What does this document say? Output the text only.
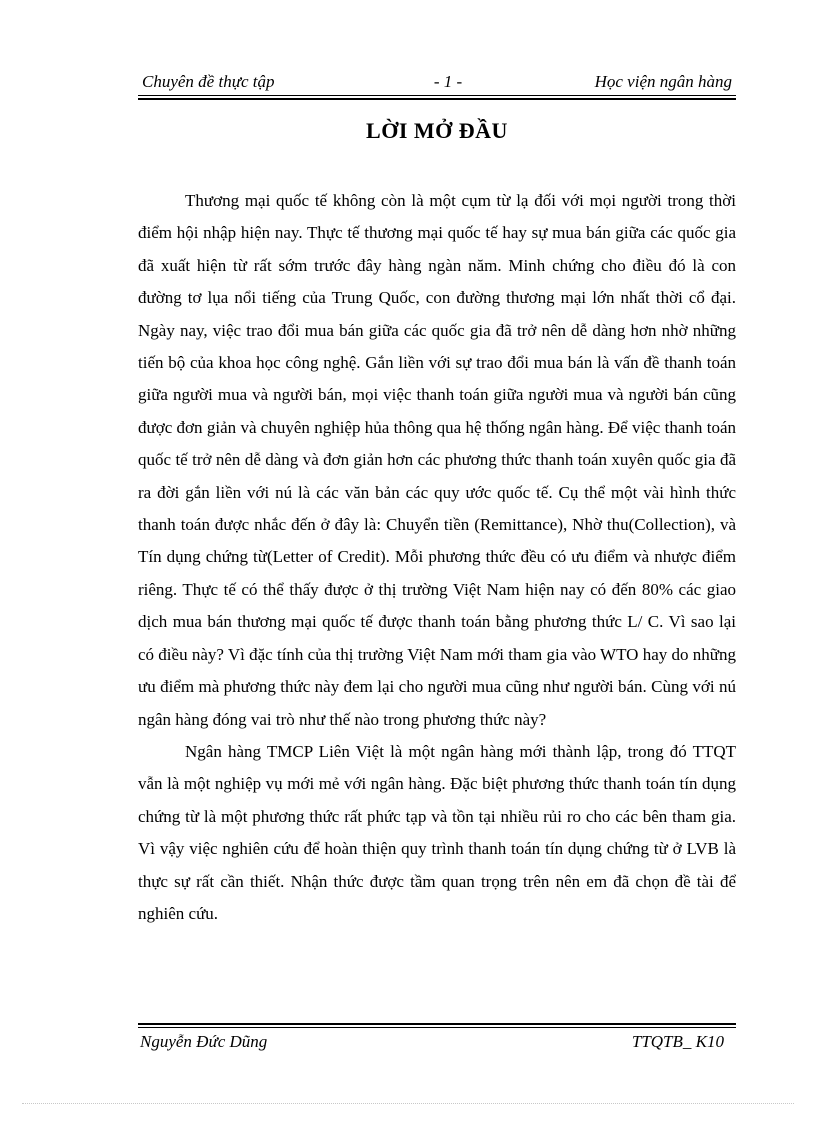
Chuyên đề thực tập	- 1 -	Học viện ngân hàng
LỜI MỞ ĐẦU

Thương mại quốc tế không còn là một cụm từ lạ đối với mọi người trong thời điểm hội nhập hiện nay. Thực tế thương mại quốc tế hay sự mua bán giữa các quốc gia đã xuất hiện từ rất sớm trước đây hàng ngàn năm. Minh chứng cho điều đó là con đường tơ lụa nổi tiếng của Trung Quốc, con đường thương mại lớn nhất thời cổ đại. Ngày nay, việc trao đổi mua bán giữa các quốc gia đã trở nên dễ dàng hơn nhờ những tiến bộ của khoa học công nghệ. Gắn liền với sự trao đổi mua bán là vấn đề thanh toán giữa người mua và người bán, mọi việc thanh toán giữa người mua và người bán cũng được đơn giản và chuyên nghiệp hủa thông qua hệ thống ngân hàng. Để việc thanh toán quốc tế trở nên dễ dàng và đơn giản hơn các phương thức thanh toán xuyên quốc gia đã ra đời gắn liền với nú là các văn bản các quy ước quốc tế. Cụ thể một vài hình thức thanh toán được nhắc đến ở đây là: Chuyển tiền (Remittance), Nhờ thu(Collection), và Tín dụng chứng từ(Letter of Credit). Mỗi phương thức đều có ưu điểm và nhược điểm riêng. Thực tế có thể thấy được ở thị trường Việt Nam hiện nay có đến 80% các giao dịch mua bán thương mại quốc tế được thanh toán bằng phương thức L/ C. Vì sao lại có điều này? Vì đặc tính của thị trường Việt Nam mới tham gia vào WTO hay do những ưu điểm mà phương thức này đem lại cho người mua cũng như người bán. Cùng với nú ngân hàng đóng vai trò như thế nào trong phương thức này?

Ngân hàng TMCP Liên Việt là một ngân hàng mới thành lập, trong đó TTQT vẫn là một nghiệp vụ mới mẻ với ngân hàng. Đặc biệt phương thức thanh toán tín dụng chứng từ là một phương thức rất phức tạp và tồn tại nhiều rủi ro cho các bên tham gia. Vì vậy việc nghiên cứu để hoàn thiện quy trình thanh toán tín dụng chứng từ ở LVB là thực sự rất cần thiết. Nhận thức được tầm quan trọng trên nên em đã chọn đề tài để nghiên cứu.

Nguyễn Đức Dũng	TTQTB_ K10
